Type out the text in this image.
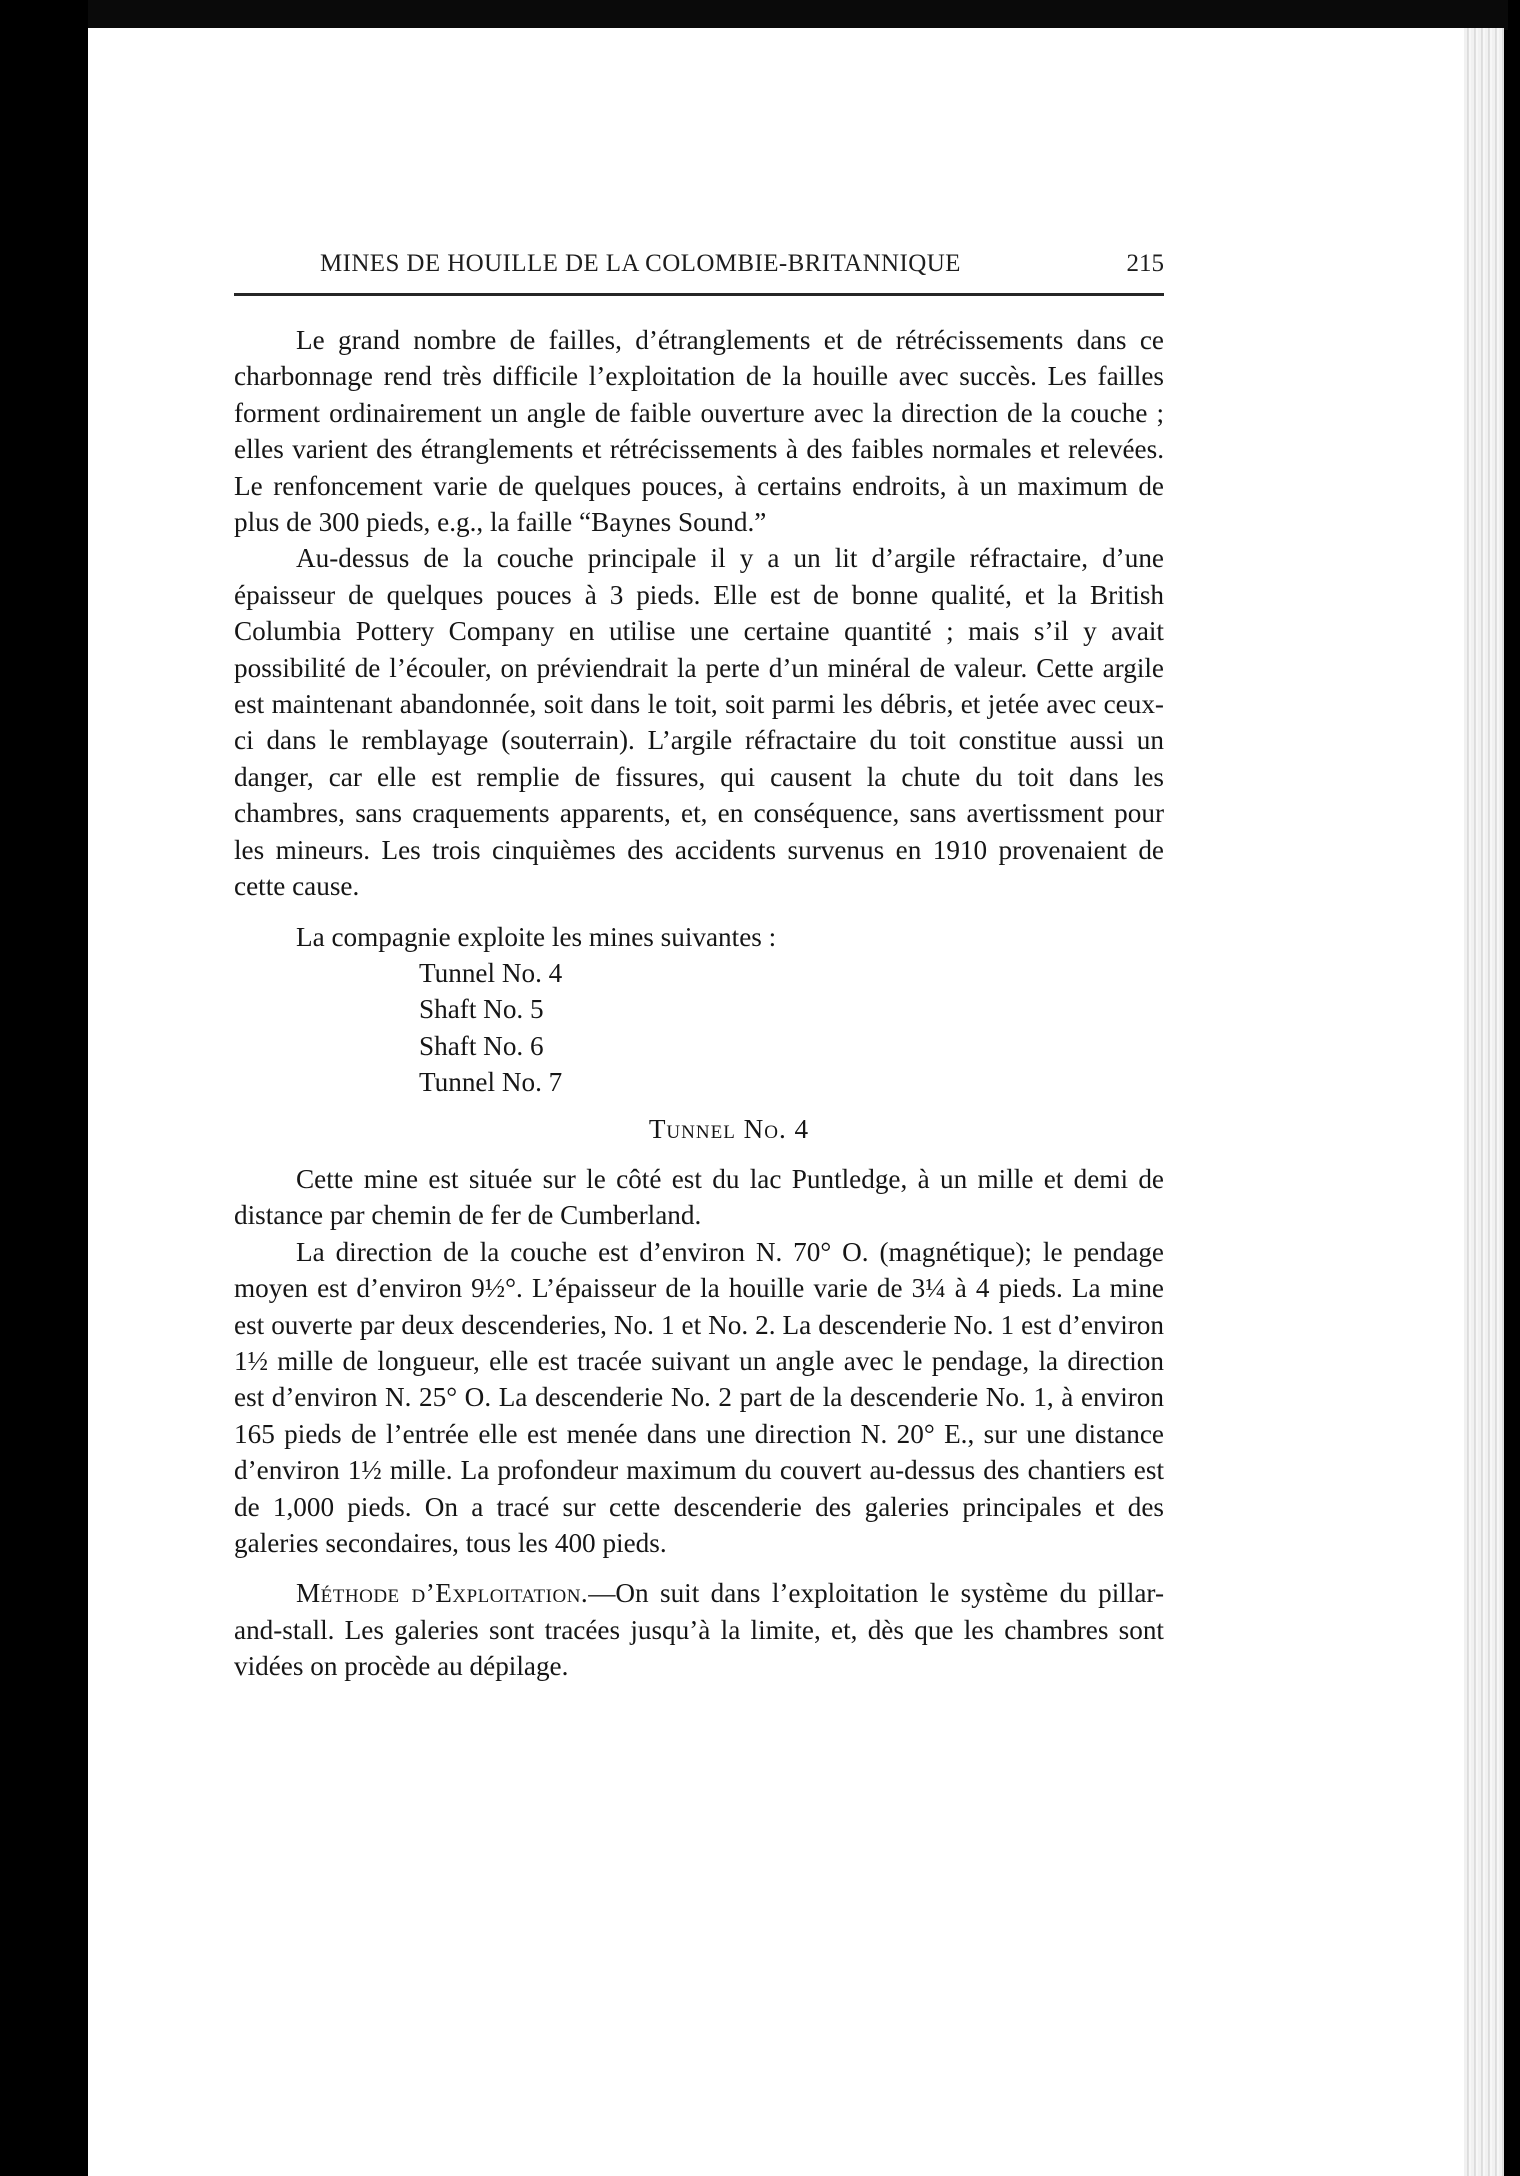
MINES DE HOUILLE DE LA COLOMBIE-BRITANNIQUE	215

Le grand nombre de failles, d’étranglements et de rétrécissements dans ce charbonnage rend très difficile l’exploitation de la houille avec succès. Les failles forment ordinairement un angle de faible ouverture avec la direction de la couche ; elles varient des étranglements et rétrécissements à des faibles normales et relevées. Le renfoncement varie de quelques pouces, à certains endroits, à un maximum de plus de 300 pieds, e.g., la faille “Baynes Sound.”

Au-dessus de la couche principale il y a un lit d’argile réfractaire, d’une épaisseur de quelques pouces à 3 pieds. Elle est de bonne qualité, et la British Columbia Pottery Company en utilise une certaine quantité ; mais s’il y avait possibilité de l’écouler, on préviendrait la perte d’un minéral de valeur. Cette argile est maintenant abandonnée, soit dans le toit, soit parmi les débris, et jetée avec ceux-ci dans le remblayage (souterrain). L’argile réfractaire du toit constitue aussi un danger, car elle est remplie de fissures, qui causent la chute du toit dans les chambres, sans craquements apparents, et, en conséquence, sans avertissment pour les mineurs. Les trois cinquièmes des accidents survenus en 1910 provenaient de cette cause.

La compagnie exploite les mines suivantes :

Tunnel No. 4
Shaft No. 5
Shaft No. 6
Tunnel No. 7
Tunnel No. 4

Cette mine est située sur le côté est du lac Puntledge, à un mille et demi de distance par chemin de fer de Cumberland.

La direction de la couche est d’environ N. 70° O. (magnétique); le pendage moyen est d’environ 9½°. L’épaisseur de la houille varie de 3¼ à 4 pieds. La mine est ouverte par deux descenderies, No. 1 et No. 2. La descenderie No. 1 est d’environ 1½ mille de longueur, elle est tracée suivant un angle avec le pendage, la direction est d’environ N. 25° O. La descenderie No. 2 part de la descenderie No. 1, à environ 165 pieds de l’entrée elle est menée dans une direction N. 20° E., sur une distance d’environ 1½ mille. La profondeur maximum du couvert au-dessus des chantiers est de 1,000 pieds. On a tracé sur cette descenderie des galeries principales et des galeries secondaires, tous les 400 pieds.

Méthode d’Exploitation.—On suit dans l’exploitation le système du pillar-and-stall. Les galeries sont tracées jusqu’à la limite, et, dès que les chambres sont vidées on procède au dépilage.
